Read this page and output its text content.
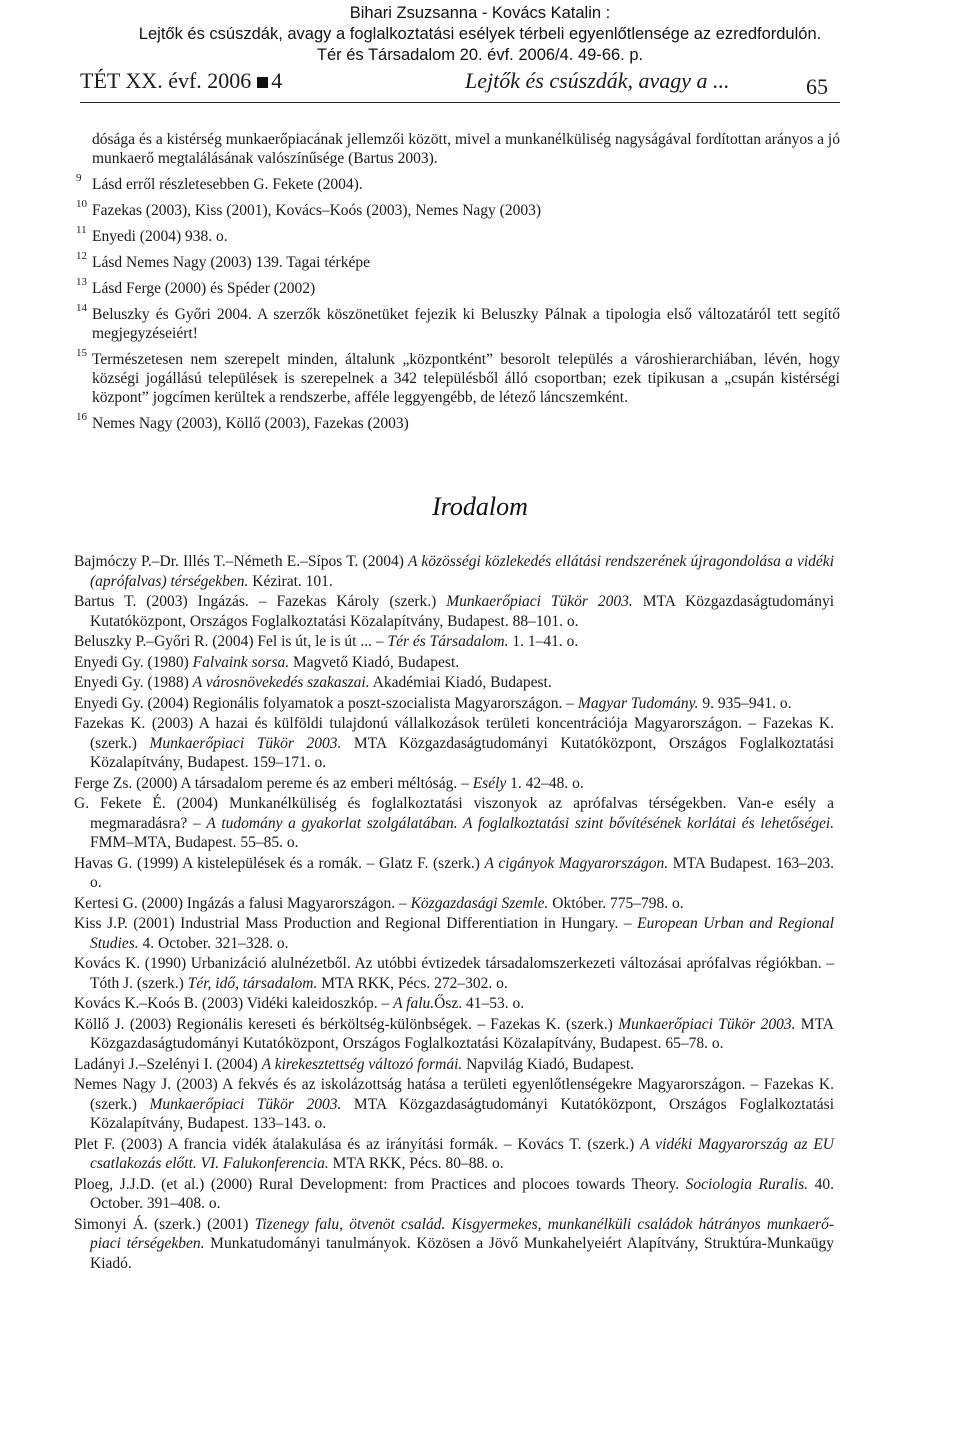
Bihari Zsuzsanna - Kovács Katalin :
Lejtők és csúszdák, avagy a foglalkoztatási esélyek térbeli egyenlőtlensége az ezredfordulón.
Tér és Társadalom 20. évf. 2006/4. 49-66. p.
TÉT XX. évf. 2006 4	Lejtők és csúszdák, avagy a ...	65
dósága és a kistérség munkaerőpiacának jellemzői között, mivel a munkanélküliség nagyságával fordítottan arányos a jó munkaerő megtalálásának valószínűsége (Bartus 2003).
9 Lásd erről részletesebben G. Fekete (2004).
10 Fazekas (2003), Kiss (2001), Kovács–Koós (2003), Nemes Nagy (2003)
11 Enyedi (2004) 938. o.
12 Lásd Nemes Nagy (2003) 139. Tagai térképe
13 Lásd Ferge (2000) és Spéder (2002)
14 Beluszky és Győri 2004. A szerzők köszönetüket fejezik ki Beluszky Pálnak a tipologia első változatáról tett segítő megjegyzéseiért!
15 Természetesen nem szerepelt minden, általunk „központként” besorolt település a városhierarchiában, lévén, hogy községi jogállású települések is szerepelnek a 342 településből álló csoportban; ezek tipikusan a „csupán kistérségi központ” jogcímen kerültek a rendszerbe, afféle leggyengébb, de létező láncszemként.
16 Nemes Nagy (2003), Köllő (2003), Fazekas (2003)
Irodalom
Bajmóczy P.–Dr. Illés T.–Németh E.–Sípos T. (2004) A közösségi közlekedés ellátási rendszerének újragondolása a vidéki (aprófalvas) térségekben. Kézirat. 101.
Bartus T. (2003) Ingázás. – Fazekas Károly (szerk.) Munkaerőpiaci Tükör 2003. MTA Közgazdaságtudományi Kutatóközpont, Országos Foglalkoztatási Közalapítvány, Budapest. 88–101. o.
Beluszky P.–Győri R. (2004) Fel is út, le is út ... – Tér és Társadalom. 1. 1–41. o.
Enyedi Gy. (1980) Falvaink sorsa. Magvető Kiadó, Budapest.
Enyedi Gy. (1988) A városnövekedés szakaszai. Akadémiai Kiadó, Budapest.
Enyedi Gy. (2004) Regionális folyamatok a poszt-szocialista Magyarországon. – Magyar Tudomány. 9. 935–941. o.
Fazekas K. (2003) A hazai és külföldi tulajdonú vállalkozások területi koncentrációja Magyarországon. – Fazekas K. (szerk.) Munkaerőpiaci Tükör 2003. MTA Közgazdaságtudományi Kutatóközpont, Országos Foglalkoztatási Közalapítvány, Budapest. 159–171. o.
Ferge Zs. (2000) A társadalom pereme és az emberi méltóság. – Esély 1. 42–48. o.
G. Fekete É. (2004) Munkanélküliség és foglalkoztatási viszonyok az aprófalvas térségekben. Van-e esély a megmaradásra? – A tudomány a gyakorlat szolgálatában. A foglalkoztatási szint bővítésének korlátai és lehetőségei. FMM–MTA, Budapest. 55–85. o.
Havas G. (1999) A kistelepülések és a romák. – Glatz F. (szerk.) A cigányok Magyarországon. MTA Budapest. 163–203. o.
Kertesi G. (2000) Ingázás a falusi Magyarországon. – Közgazdasági Szemle. Október. 775–798. o.
Kiss J.P. (2001) Industrial Mass Production and Regional Differentiation in Hungary. – European Urban and Regional Studies. 4. October. 321–328. o.
Kovács K. (1990) Urbanizáció alulnézetből. Az utóbbi évtizedek társadalomszerkezeti változásai aprófalvas régiókban. – Tóth J. (szerk.) Tér, idő, társadalom. MTA RKK, Pécs. 272–302. o.
Kovács K.–Koós B. (2003) Vidéki kaleidoszkóp. – A falu.Ősz. 41–53. o.
Köllő J. (2003) Regionális kereseti és bérköltség-különbségek. – Fazekas K. (szerk.) Munkaerőpiaci Tükör 2003. MTA Közgazdaságtudományi Kutatóközpont, Országos Foglalkoztatási Közalapítvány, Budapest. 65–78. o.
Ladányi J.–Szelényi I. (2004) A kirekesztettség változó formái. Napvilág Kiadó, Budapest.
Nemes Nagy J. (2003) A fekvés és az iskolázottság hatása a területi egyenlőtlenségekre Magyarországon. – Fazekas K. (szerk.) Munkaerőpiaci Tükör 2003. MTA Közgazdaságtudományi Kutatóközpont, Országos Foglalkoztatási Közalapítvány, Budapest. 133–143. o.
Plet F. (2003) A francia vidék átalakulása és az irányítási formák. – Kovács T. (szerk.) A vidéki Magyarország az EU csatlakozás előtt. VI. Falukonferencia. MTA RKK, Pécs. 80–88. o.
Ploeg, J.J.D. (et al.) (2000) Rural Development: from Practices and plocoes towards Theory. Sociologia Ruralis. 40. October. 391–408. o.
Simonyi Á. (szerk.) (2001) Tizenegy falu, ötvenöt család. Kisgyermekes, munkanélküli családok hátrányos munkaerő-piaci térségekben. Munkatudományi tanulmányok. Közösen a Jövő Munkahelyeiért Alapítvány, Struktúra-Munkaügy Kiadó.
